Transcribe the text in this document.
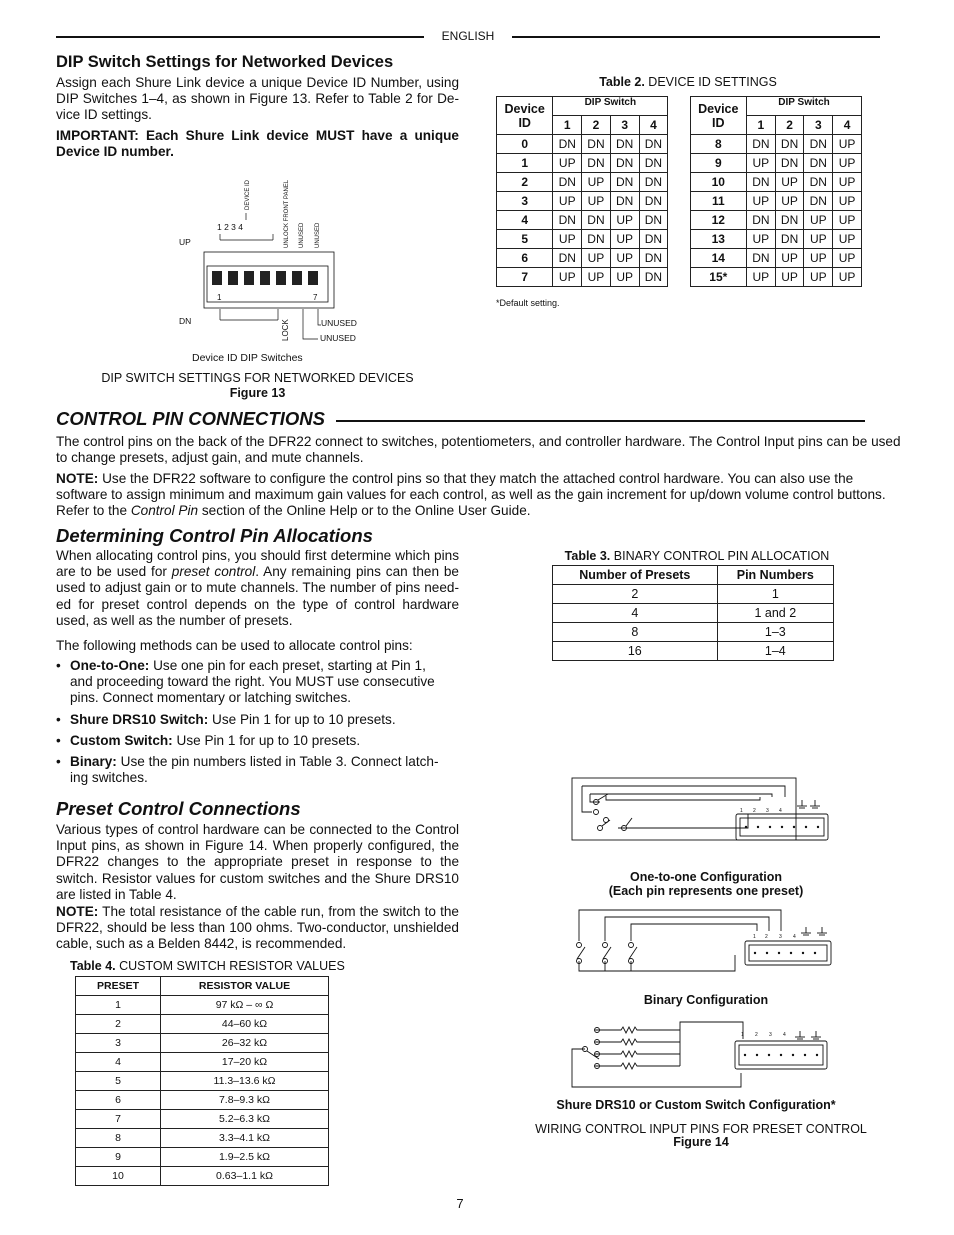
ENGLISH
DIP Switch Settings for Networked Devices

Assign each Shure Link device a unique Device ID Number, using DIP Switches 1–4, as shown in Figure 13. Refer to Table 2 for De-vice ID settings.

IMPORTANT: Each Shure Link device MUST have a unique Device ID number.

DEVICE ID	UNLOCK FRONT PANEL UNUSED UNUSED
1 2 3 4
UP
1	7
DN	LOCK	UNUSED
UNUSED
Device ID DIP Switches

DIP SWITCH SETTINGS FOR NETWORKED DEVICES

Figure 13

Table 2. DEVICE ID SETTINGS
Device ID	DIP Switch					Device ID	DIP Switch			
	1	2	3	4			1	2	3	4
0	DN	DN	DN	DN		8	DN	DN	DN	UP
1	UP	DN	DN	DN		9	UP	DN	DN	UP
2	DN	UP	DN	DN		10	DN	UP	DN	UP
3	UP	UP	DN	DN		11	UP	UP	DN	UP
4	DN	DN	UP	DN		12	DN	DN	UP	UP
5	UP	DN	UP	DN		13	UP	DN	UP	UP
6	DN	UP	UP	DN		14	DN	UP	UP	UP
7	UP	UP	UP	DN		15*	UP	UP	UP	UP
*Default setting.
CONTROL PIN CONNECTIONS

The control pins on the back of the DFR22 connect to switches, potentiometers, and controller hardware. The Control Input pins can be used to change presets, adjust gain, and mute channels.

NOTE: Use the DFR22 software to configure the control pins so that they match the attached control hardware. You can also use the software to assign minimum and maximum gain values for each control, as well as the gain increment for up/down volume control buttons. Refer to the Control Pin section of the Online Help or to the Online User Guide.

Determining Control Pin Allocations

When allocating control pins, you should first determine which pins are to be used for preset control. Any remaining pins can then be used to adjust gain or to mute channels. The number of pins need-ed for preset control depends on the type of control hardware used, as well as the number of presets.

The following methods can be used to allocate control pins:

• One-to-One: Use one pin for each preset, starting at Pin 1, and proceeding toward the right. You MUST use consecutive pins. Connect momentary or latching switches.
• Shure DRS10 Switch: Use Pin 1 for up to 10 presets.
• Custom Switch: Use Pin 1 for up to 10 presets.
• Binary: Use the pin numbers listed in Table 3. Connect latch-ing switches.
Table 3. BINARY CONTROL PIN ALLOCATION
Number of Presets	Pin Numbers
2	1
4	1 and 2
8	1–3
16	1–4
Preset Control Connections

Various types of control hardware can be connected to the Control Input pins, as shown in Figure 14. When properly configured, the DFR22 changes to the appropriate preset in response to the switch. Resistor values for custom switches and the Shure DRS10 are listed in Table 4.

NOTE: The total resistance of the cable run, from the switch to the DFR22, should be less than 100 ohms. Two-conductor, unshielded cable, such as a Belden 8442, is recommended.

Table 4. CUSTOM SWITCH RESISTOR VALUES
PRESET	RESISTOR VALUE
1	97 kΩ – ∞ Ω
2	44–60 kΩ
3	26–32 kΩ
4	17–20 kΩ
5	11.3–13.6 kΩ
6	7.8–9.3 kΩ
7	5.2–6.3 kΩ
8	3.3–4.1 kΩ
9	1.9–2.5 kΩ
10	0.63–1.1 kΩ
1 2 3 4
One-to-one Configuration
(Each pin represents one preset)
1 2 3 4
Binary Configuration
1 2 3 4
Shure DRS10 or Custom Switch Configuration*
WIRING CONTROL INPUT PINS FOR PRESET CONTROL
Figure 14
7
